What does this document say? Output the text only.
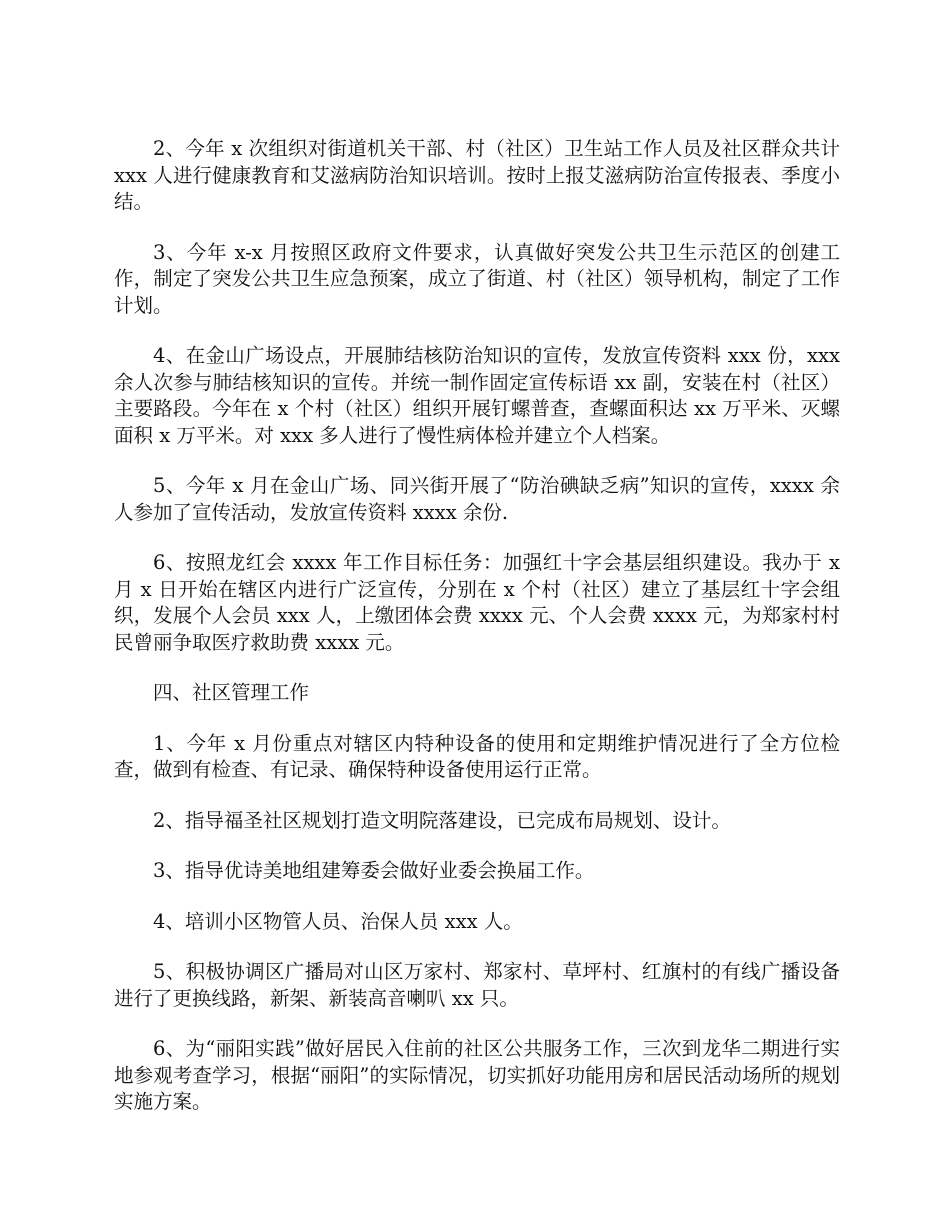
2、今年 x 次组织对街道机关干部、村（社区）卫生站工作人员及社区群众共计 xxx 人进行健康教育和艾滋病防治知识培训。按时上报艾滋病防治宣传报表、季度小结。

3、今年 x-x 月按照区政府文件要求，认真做好突发公共卫生示范区的创建工作，制定了突发公共卫生应急预案，成立了街道、村（社区）领导机构，制定了工作计划。

4、在金山广场设点，开展肺结核防治知识的宣传，发放宣传资料 xxx 份，xxx 余人次参与肺结核知识的宣传。并统一制作固定宣传标语 xx 副，安装在村（社区）主要路段。今年在 x 个村（社区）组织开展钉螺普查，查螺面积达 xx 万平米、灭螺面积 x 万平米。对 xxx 多人进行了慢性病体检并建立个人档案。

5、今年 x 月在金山广场、同兴街开展了“防治碘缺乏病”知识的宣传，xxxx 余人参加了宣传活动，发放宣传资料 xxxx 余份.

6、按照龙红会 xxxx 年工作目标任务：加强红十字会基层组织建设。我办于 x 月 x 日开始在辖区内进行广泛宣传，分别在 x 个村（社区）建立了基层红十字会组织，发展个人会员 xxx 人，上缴团体会费 xxxx 元、个人会费 xxxx 元，为郑家村村民曾丽争取医疗救助费 xxxx 元。

四、社区管理工作

1、今年 x 月份重点对辖区内特种设备的使用和定期维护情况进行了全方位检查，做到有检查、有记录、确保特种设备使用运行正常。

2、指导福圣社区规划打造文明院落建设，已完成布局规划、设计。

3、指导优诗美地组建筹委会做好业委会换届工作。

4、培训小区物管人员、治保人员 xxx 人。

5、积极协调区广播局对山区万家村、郑家村、草坪村、红旗村的有线广播设备进行了更换线路，新架、新装高音喇叭 xx 只。

6、为“丽阳实践”做好居民入住前的社区公共服务工作，三次到龙华二期进行实地参观考查学习，根据“丽阳”的实际情况，切实抓好功能用房和居民活动场所的规划实施方案。
